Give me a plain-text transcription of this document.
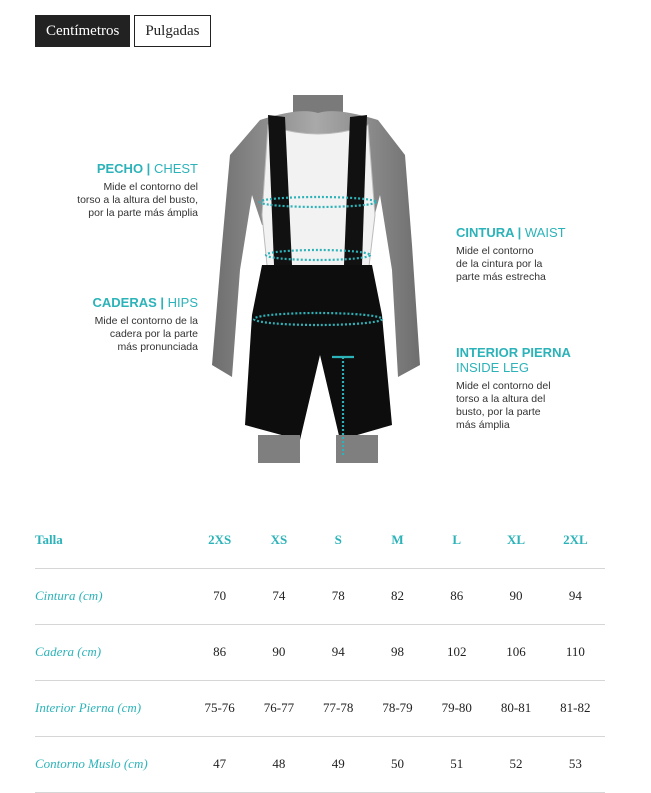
Centímetros	Pulgadas
PECHO | CHEST
Mide el contorno del
torso a la altura del busto,
por la parte más ámplia
CADERAS | HIPS
Mide el contorno de la
cadera por la parte
más pronunciada
CINTURA | WAIST
Mide el contorno
de la cintura por la
parte más estrecha
INTERIOR PIERNA
INSIDE LEG
Mide el contorno del
torso a la altura del
busto, por la parte
más ámplia
Talla	2XS	XS	S	M	L	XL	2XL
Cintura (cm)	70	74	78	82	86	90	94
Cadera (cm)	86	90	94	98	102	106	110
Interior Pierna (cm)	75-76	76-77	77-78	78-79	79-80	80-81	81-82
Contorno Muslo (cm)	47	48	49	50	51	52	53
